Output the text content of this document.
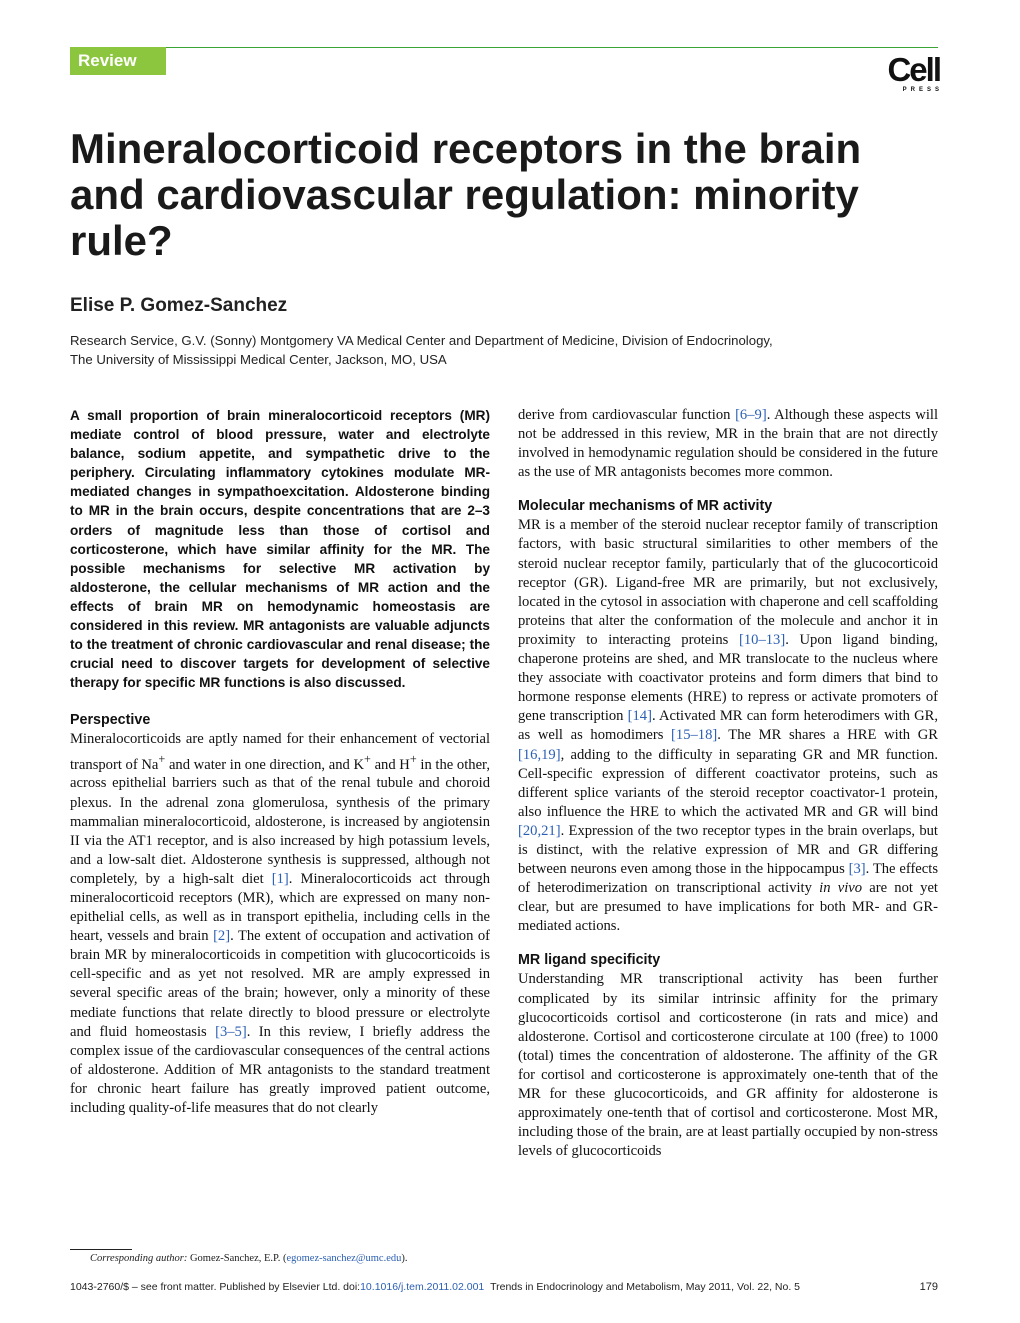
Review	Cell
PRESS
Mineralocorticoid receptors in the brain and cardiovascular regulation: minority rule?
Elise P. Gomez-Sanchez
Research Service, G.V. (Sonny) Montgomery VA Medical Center and Department of Medicine, Division of Endocrinology,
The University of Mississippi Medical Center, Jackson, MO, USA

A small proportion of brain mineralocorticoid receptors (MR) mediate control of blood pressure, water and electrolyte balance, sodium appetite, and sympathetic drive to the periphery. Circulating inflammatory cytokines modulate MR-mediated changes in sympathoexcitation. Aldosterone binding to MR in the brain occurs, despite concentrations that are 2–3 orders of magnitude less than those of cortisol and corticosterone, which have similar affinity for the MR. The possible mechanisms for selective MR activation by aldosterone, the cellular mechanisms of MR action and the effects of brain MR on hemodynamic homeostasis are considered in this review. MR antagonists are valuable adjuncts to the treatment of chronic cardiovascular and renal disease; the crucial need to discover targets for development of selective therapy for specific MR functions is also discussed.

Perspective

Mineralocorticoids are aptly named for their enhancement of vectorial transport of Na+ and water in one direction, and K+ and H+ in the other, across epithelial barriers such as that of the renal tubule and choroid plexus. In the adrenal zona glomerulosa, synthesis of the primary mammalian mineralocorticoid, aldosterone, is increased by angiotensin II via the AT1 receptor, and is also increased by high potassium levels, and a low-salt diet. Aldosterone synthesis is suppressed, although not completely, by a high-salt diet [1]. Mineralocorticoids act through mineralocorticoid receptors (MR), which are expressed on many non-epithelial cells, as well as in transport epithelia, including cells in the heart, vessels and brain [2]. The extent of occupation and activation of brain MR by mineralocorticoids in competition with glucocorticoids is cell-specific and as yet not resolved. MR are amply expressed in several specific areas of the brain; however, only a minority of these mediate functions that relate directly to blood pressure or electrolyte and fluid homeostasis [3–5]. In this review, I briefly address the complex issue of the cardiovascular consequences of the central actions of aldosterone. Addition of MR antagonists to the standard treatment for chronic heart failure has greatly improved patient outcome, including quality-of-life measures that do not clearly

derive from cardiovascular function [6–9]. Although these aspects will not be addressed in this review, MR in the brain that are not directly involved in hemodynamic regulation should be considered in the future as the use of MR antagonists becomes more common.

Molecular mechanisms of MR activity

MR is a member of the steroid nuclear receptor family of transcription factors, with basic structural similarities to other members of the steroid nuclear receptor family, particularly that of the glucocorticoid receptor (GR). Ligand-free MR are primarily, but not exclusively, located in the cytosol in association with chaperone and cell scaffolding proteins that alter the conformation of the molecule and anchor it in proximity to interacting proteins [10–13]. Upon ligand binding, chaperone proteins are shed, and MR translocate to the nucleus where they associate with coactivator proteins and form dimers that bind to hormone response elements (HRE) to repress or activate promoters of gene transcription [14]. Activated MR can form heterodimers with GR, as well as homodimers [15–18]. The MR shares a HRE with GR [16,19], adding to the difficulty in separating GR and MR function. Cell-specific expression of different coactivator proteins, such as different splice variants of the steroid receptor coactivator-1 protein, also influence the HRE to which the activated MR and GR will bind [20,21]. Expression of the two receptor types in the brain overlaps, but is distinct, with the relative expression of MR and GR differing between neurons even among those in the hippocampus [3]. The effects of heterodimerization on transcriptional activity in vivo are not yet clear, but are presumed to have implications for both MR- and GR-mediated actions.

MR ligand specificity

Understanding MR transcriptional activity has been further complicated by its similar intrinsic affinity for the primary glucocorticoids cortisol and corticosterone (in rats and mice) and aldosterone. Cortisol and corticosterone circulate at 100 (free) to 1000 (total) times the concentration of aldosterone. The affinity of the GR for cortisol and corticosterone is approximately one-tenth that of the MR for these glucocorticoids, and GR affinity for aldosterone is approximately one-tenth that of cortisol and corticosterone. Most MR, including those of the brain, are at least partially occupied by non-stress levels of glucocorticoids

Corresponding author: Gomez-Sanchez, E.P. (egomez-sanchez@umc.edu).
1043-2760/$ – see front matter. Published by Elsevier Ltd. doi:10.1016/j.tem.2011.02.001 Trends in Endocrinology and Metabolism, May 2011, Vol. 22, No. 5	179
